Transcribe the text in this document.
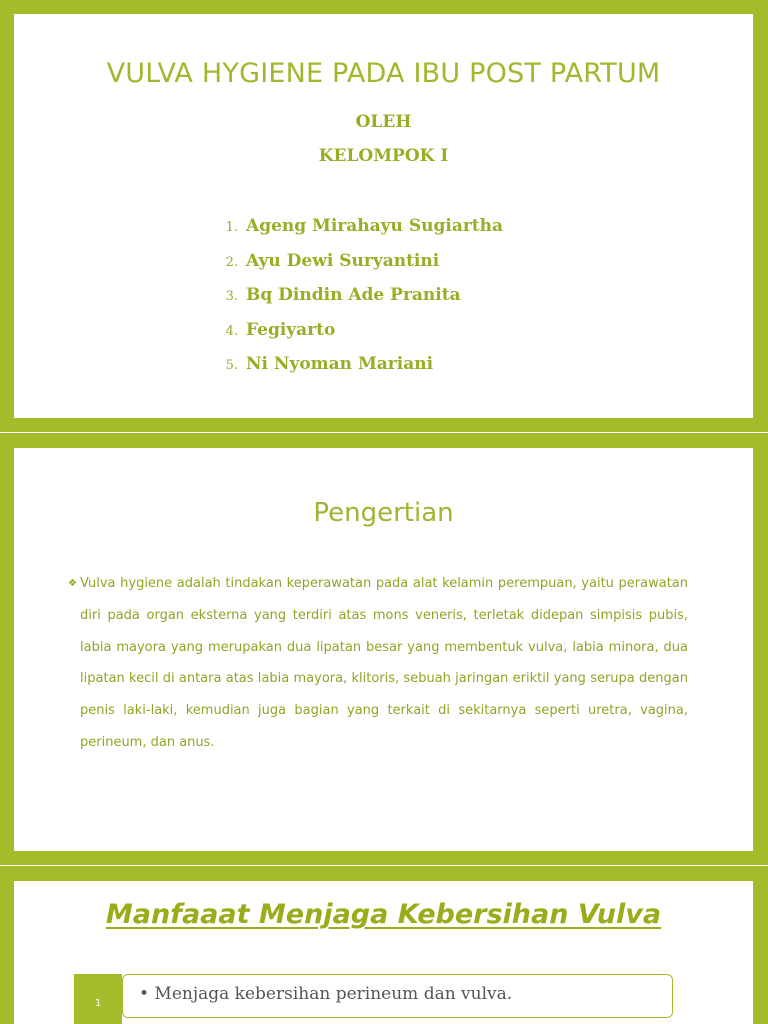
VULVA HYGIENE PADA IBU POST PARTUM
OLEH
KELOMPOK I
1. Ageng Mirahayu Sugiartha
2. Ayu Dewi Suryantini
3. Bq Dindin Ade Pranita
4. Fegiyarto
5. Ni Nyoman Mariani
Pengertian
❖ Vulva hygiene adalah tindakan keperawatan pada alat kelamin perempuan, yaitu perawatan diri pada organ eksterna yang terdiri atas mons veneris, terletak didepan simpisis pubis, labia mayora yang merupakan dua lipatan besar yang membentuk vulva, labia minora, dua lipatan kecil di antara atas labia mayora, klitoris, sebuah jaringan eriktil yang serupa dengan penis laki-laki, kemudian juga bagian yang terkait di sekitarnya seperti uretra, vagina, perineum, dan anus.
Manfaaat Menjaga Kebersihan Vulva
1	• Menjaga kebersihan perineum dan vulva.
